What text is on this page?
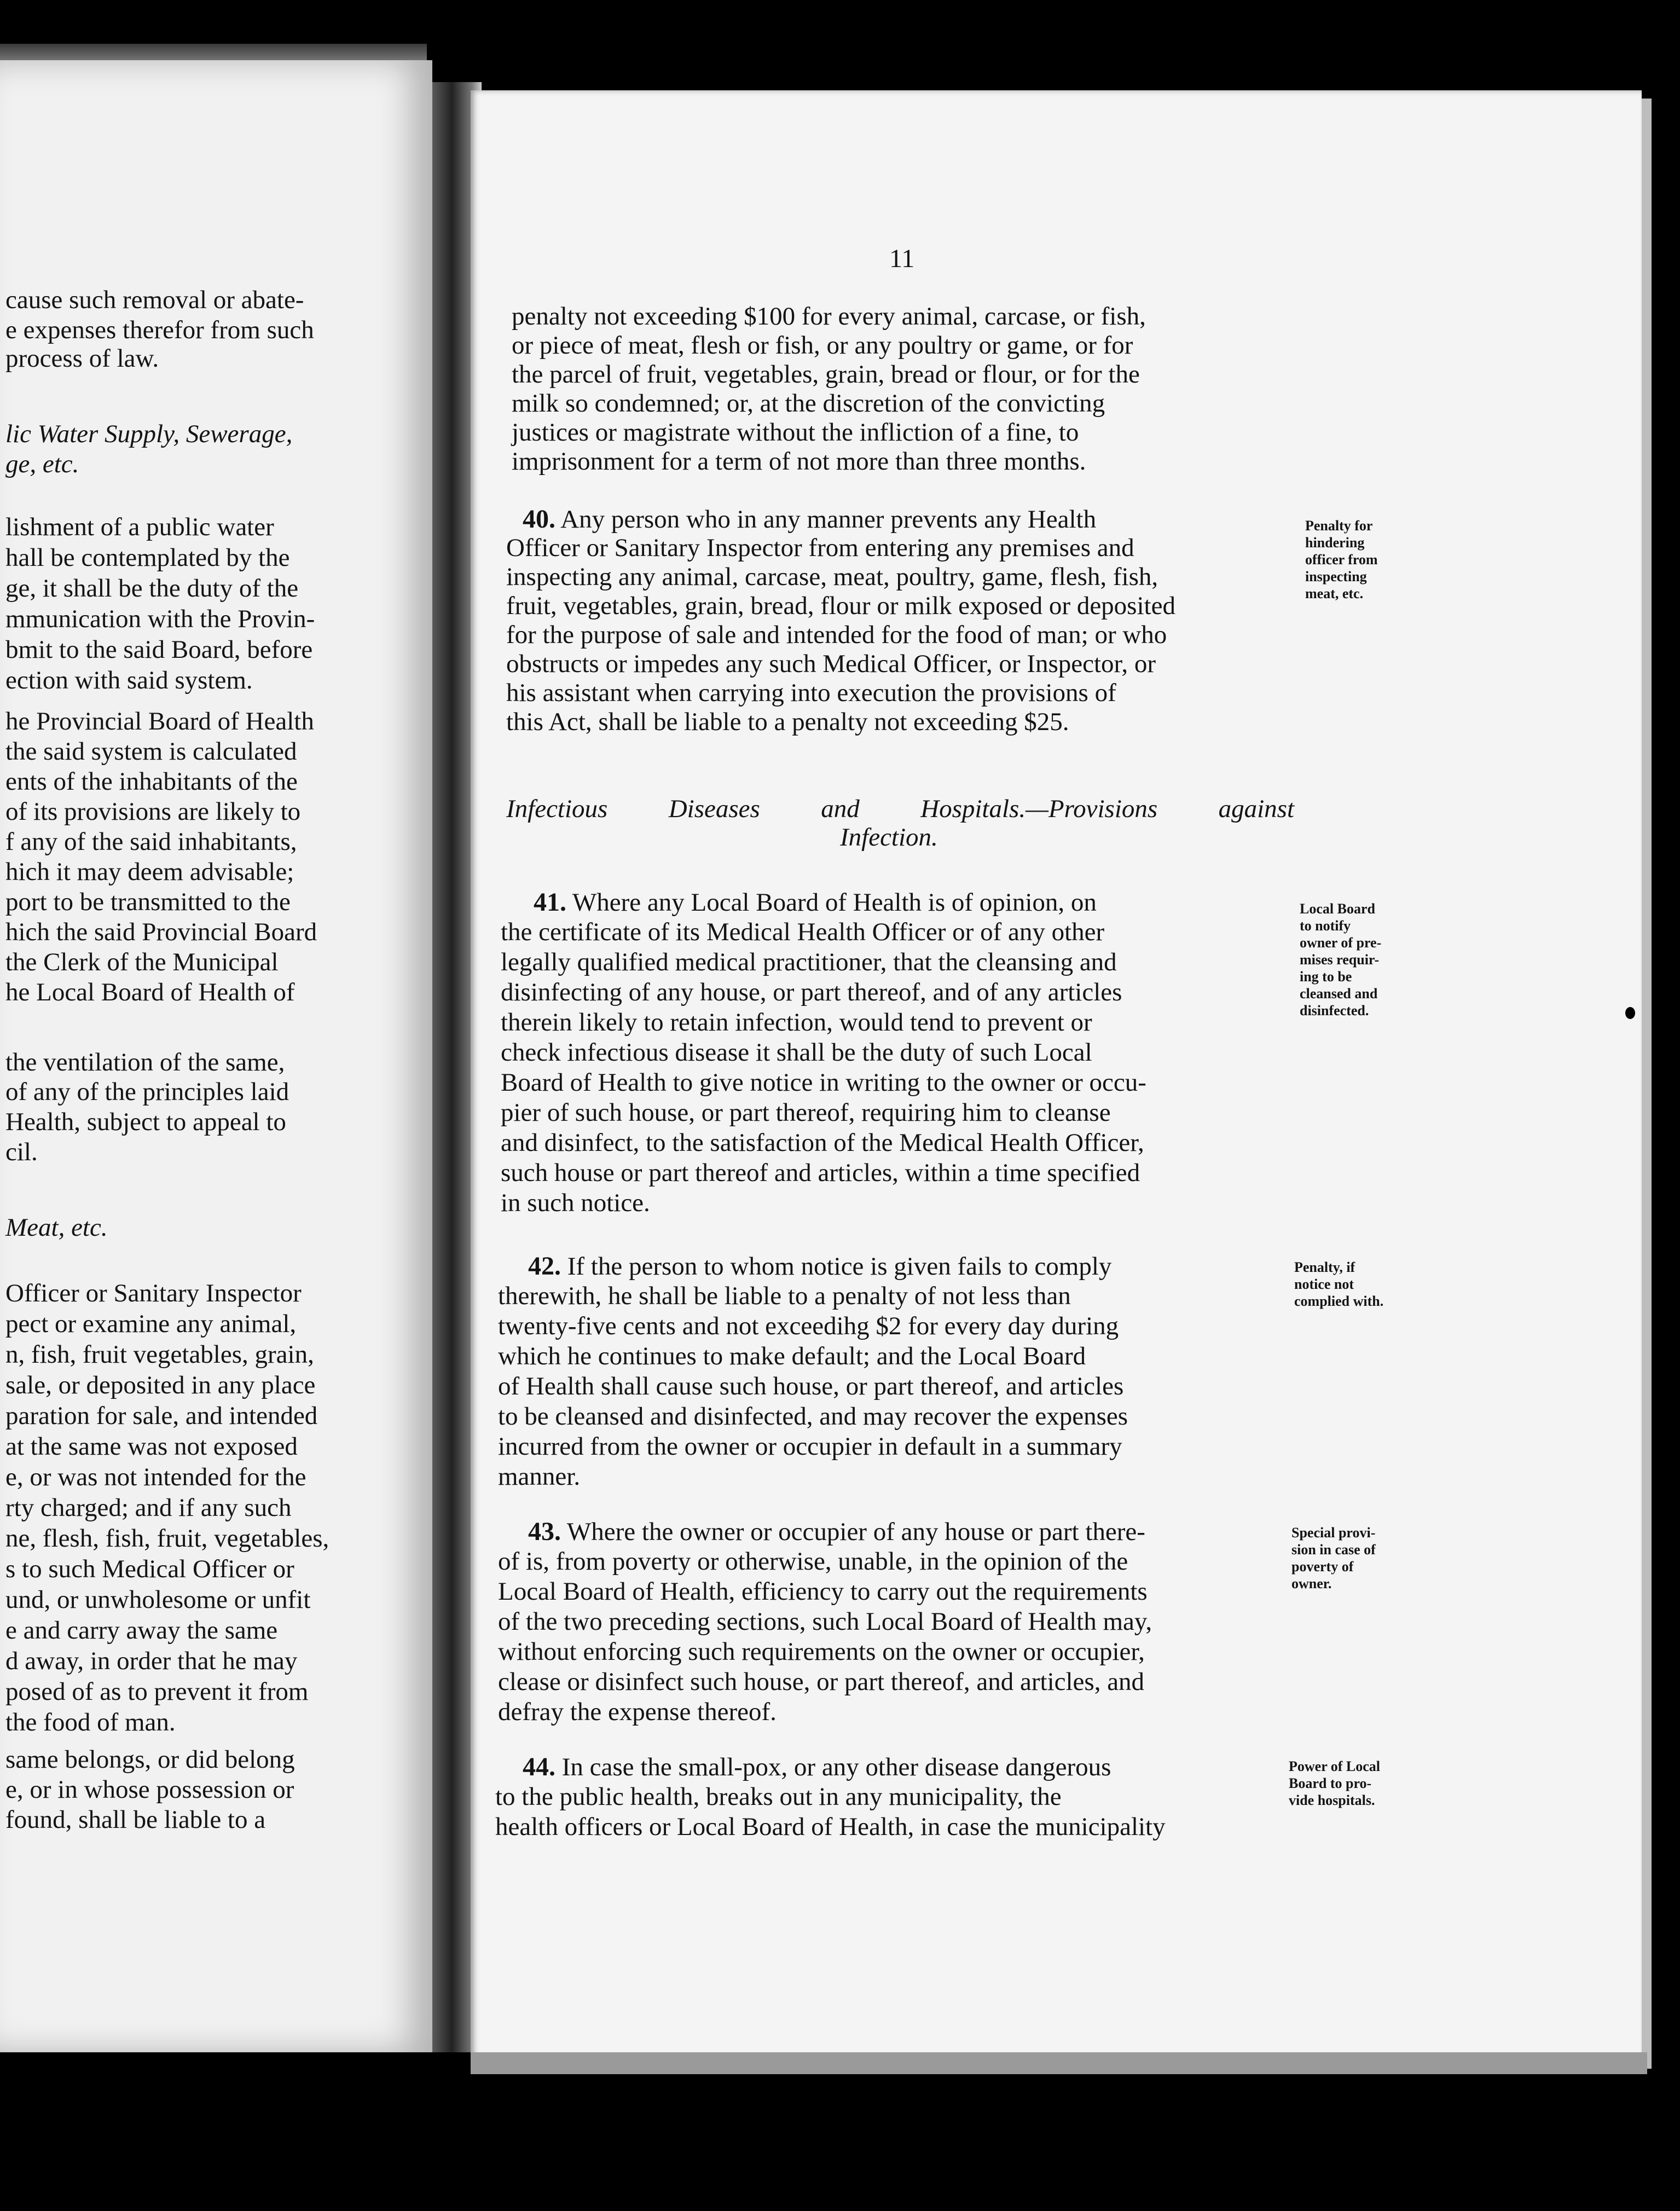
cause such removal or abate-
e expenses therefor from such
process of law.
lic Water Supply, Sewerage,
ge, etc.
lishment of a public water
hall be contemplated by the
ge, it shall be the duty of the
mmunication with the Provin-
bmit to the said Board, before
ection with said system.
he Provincial Board of Health
the said system is calculated
ents of the inhabitants of the
of its provisions are likely to
f any of the said inhabitants,
hich it may deem advisable;
port to be transmitted to the
hich the said Provincial Board
the Clerk of the Municipal
he Local Board of Health of
the ventilation of the same,
of any of the principles laid
Health, subject to appeal to
cil.
Meat, etc.
Officer or Sanitary Inspector
pect or examine any animal,
n, fish, fruit vegetables, grain,
sale, or deposited in any place
paration for sale, and intended
at the same was not exposed
e, or was not intended for the
rty charged; and if any such
ne, flesh, fish, fruit, vegetables,
s to such Medical Officer or
und, or unwholesome or unfit
e and carry away the same
d away, in order that he may
posed of as to prevent it from
the food of man.
same belongs, or did belong
e, or in whose possession or
found, shall be liable to a
11
penalty not exceeding $100 for every animal, carcase, or fish,
or piece of meat, flesh or fish, or any poultry or game, or for
the parcel of fruit, vegetables, grain, bread or flour, or for the
milk so condemned; or, at the discretion of the convicting
justices or magistrate without the infliction of a fine, to
imprisonment for a term of not more than three months.
40. Any person who in any manner prevents any Health
Officer or Sanitary Inspector from entering any premises and
inspecting any animal, carcase, meat, poultry, game, flesh, fish,
fruit, vegetables, grain, bread, flour or milk exposed or deposited
for the purpose of sale and intended for the food of man; or who
obstructs or impedes any such Medical Officer, or Inspector, or
his assistant when carrying into execution the provisions of
this Act, shall be liable to a penalty not exceeding $25.
Penalty for
hindering
officer from
inspecting
meat, etc.
Infectious Diseases and Hospitals.—Provisions against
Infection.
41. Where any Local Board of Health is of opinion, on
the certificate of its Medical Health Officer or of any other
legally qualified medical practitioner, that the cleansing and
disinfecting of any house, or part thereof, and of any articles
therein likely to retain infection, would tend to prevent or
check infectious disease it shall be the duty of such Local
Board of Health to give notice in writing to the owner or occu-
pier of such house, or part thereof, requiring him to cleanse
and disinfect, to the satisfaction of the Medical Health Officer,
such house or part thereof and articles, within a time specified
in such notice.
Local Board
to notify
owner of pre-
mises requir-
ing to be
cleansed and
disinfected.
42. If the person to whom notice is given fails to comply
therewith, he shall be liable to a penalty of not less than
twenty-five cents and not exceedihg $2 for every day during
which he continues to make default; and the Local Board
of Health shall cause such house, or part thereof, and articles
to be cleansed and disinfected, and may recover the expenses
incurred from the owner or occupier in default in a summary
manner.
Penalty, if
notice not
complied with.
43. Where the owner or occupier of any house or part there-
of is, from poverty or otherwise, unable, in the opinion of the
Local Board of Health, efficiency to carry out the requirements
of the two preceding sections, such Local Board of Health may,
without enforcing such requirements on the owner or occupier,
clease or disinfect such house, or part thereof, and articles, and
defray the expense thereof.
Special provi-
sion in case of
poverty of
owner.
44. In case the small-pox, or any other disease dangerous
to the public health, breaks out in any municipality, the
health officers or Local Board of Health, in case the municipality
Power of Local
Board to pro-
vide hospitals.
